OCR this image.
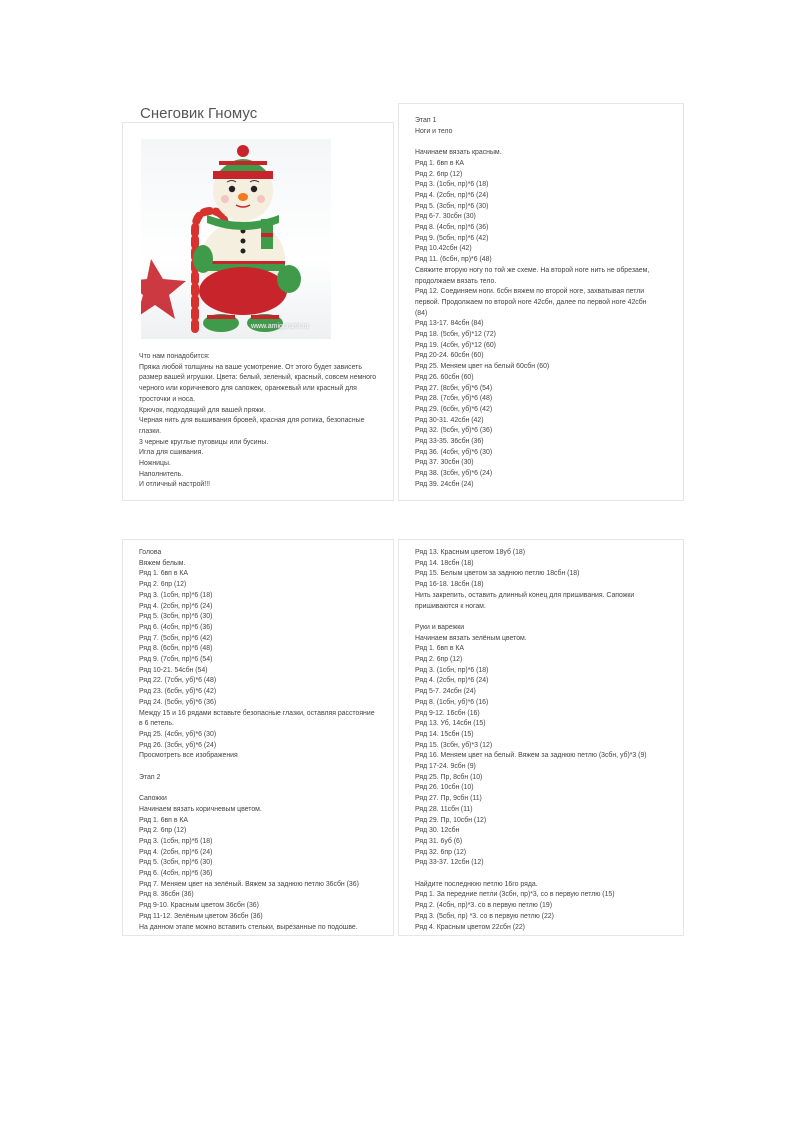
Снеговик Гномус
www.amigurumi.ru
Что нам понадобится:
Пряжа любой толщины на ваше усмотрение. От этого будет зависеть
размер вашей игрушки. Цвета: белый, зеленый, красный, совсем немного
черного или коричневого для сапожек, оранжевый или красный для
тросточки и носа.
Крючок, подходящий для вашей пряжи.
Черная нить для вышивания бровей, красная для ротика, безопасные
глазки.
3 черные круглые пуговицы или бусины.
Игла для сшивания.
Ножницы.
Наполнитель.
И отличный настрой!!!
Этап 1
Ноги и тело
Начинаем вязать красным.
Ряд 1. 6вп в КА
Ряд 2. 6пр (12)
Ряд 3. (1сбн, пр)*6 (18)
Ряд 4. (2сбн, пр)*6 (24)
Ряд 5. (3сбн, пр)*6 (30)
Ряд 6-7. 30сбн (30)
Ряд 8. (4сбн, пр)*6 (36)
Ряд 9. (5сбн, пр)*6 (42)
Ряд 10.42сбн (42)
Ряд 11. (6сбн, пр)*6 (48)
Свяжите вторую ногу по той же схеме. На второй ноге нить не обрезаем,
продолжаем вязать тело.
Ряд 12. Соединяем ноги. 6сбн вяжем по второй ноге, захватывая петли
первой. Продолжаем по второй ноге 42сбн, далее по первой ноге 42сбн
(84)
Ряд 13-17. 84сбн (84)
Ряд 18. (5сбн, уб)*12 (72)
Ряд 19. (4сбн, уб)*12 (60)
Ряд 20-24. 60сбн (60)
Ряд 25. Меняем цвет на белый 60сбн (60)
Ряд 26. 60сбн (60)
Ряд 27. (8сбн, уб)*6 (54)
Ряд 28. (7сбн, уб)*6 (48)
Ряд 29. (6сбн, уб)*6 (42)
Ряд 30-31. 42сбн (42)
Ряд 32. (5сбн, уб)*6 (36)
Ряд 33-35. 36сбн (36)
Ряд 36. (4сбн, уб)*6 (30)
Ряд 37. 30сбн (30)
Ряд 38. (3сбн, уб)*6 (24)
Ряд 39. 24сбн (24)
Голова
Вяжем белым.
Ряд 1. 6вп в КА
Ряд 2. 6пр (12)
Ряд 3. (1сбн, пр)*6 (18)
Ряд 4. (2сбн, пр)*6 (24)
Ряд 5. (3сбн, пр)*6 (30)
Ряд 6. (4сбн, пр)*6 (36)
Ряд 7. (5сбн, пр)*6 (42)
Ряд 8. (6сбн, пр)*6 (48)
Ряд 9. (7сбн, пр)*6 (54)
Ряд 10-21. 54сбн (54)
Ряд 22. (7сбн, уб)*6 (48)
Ряд 23. (6сбн, уб)*6 (42)
Ряд 24. (5сбн, уб)*6 (36)
Между 15 и 16 рядами вставьте безопасные глазки, оставляя расстояние
в 6 петель.
Ряд 25. (4сбн, уб)*6 (30)
Ряд 26. (3сбн, уб)*6 (24)
Просмотреть все изображения
Этап 2
Сапожки
Начинаем вязать коричневым цветом.
Ряд 1. 6вп в КА
Ряд 2. 6пр (12)
Ряд 3. (1сбн, пр)*6 (18)
Ряд 4. (2сбн, пр)*6 (24)
Ряд 5. (3сбн, пр)*6 (30)
Ряд 6. (4сбн, пр)*6 (36)
Ряд 7. Меняем цвет на зелёный. Вяжем за заднюю петлю 36сбн (36)
Ряд 8. 36сбн (36)
Ряд 9-10. Красным цветом 36сбн (36)
Ряд 11-12. Зелёным цветом 36сбн (36)
На данном этапе можно вставить стельки, вырезанные по подошве.
Ряд 13. Красным цветом 18уб (18)
Ряд 14. 18сбн (18)
Ряд 15. Белым цветом за заднюю петлю 18сбн (18)
Ряд 16-18. 18сбн (18)
Нить закрепить, оставить длинный конец для пришивания. Сапожки
пришиваются к ногам.
Руки и варежки
Начинаем вязать зелёным цветом.
Ряд 1. 6вп в КА
Ряд 2. 6пр (12)
Ряд 3. (1сбн, пр)*6 (18)
Ряд 4. (2сбн, пр)*6 (24)
Ряд 5-7. 24сбн (24)
Ряд 8. (1сбн, уб)*6 (16)
Ряд 9-12. 16сбн (16)
Ряд 13. Уб, 14сбн (15)
Ряд 14. 15сбн (15)
Ряд 15. (3сбн, уб)*3 (12)
Ряд 16. Меняем цвет на белый. Вяжем за заднюю петлю (3сбн, уб)*3 (9)
Ряд 17-24. 9сбн (9)
Ряд 25. Пр, 8сбн (10)
Ряд 26. 10сбн (10)
Ряд 27. Пр, 9сбн (11)
Ряд 28. 11сбн (11)
Ряд 29. Пр, 10сбн (12)
Ряд 30. 12сбн
Ряд 31. 6уб (6)
Ряд 32. 6пр (12)
Ряд 33-37. 12сбн (12)
Найдите последнюю петлю 16го ряда.
Ряд 1. За передние петли (3сбн, пр)*3, со в первую петлю (15)
Ряд 2. (4сбн, пр)*3. со в первую петлю (19)
Ряд 3. (5сбн, пр) *3. со в первую петлю (22)
Ряд 4. Красным цветом 22сбн (22)
